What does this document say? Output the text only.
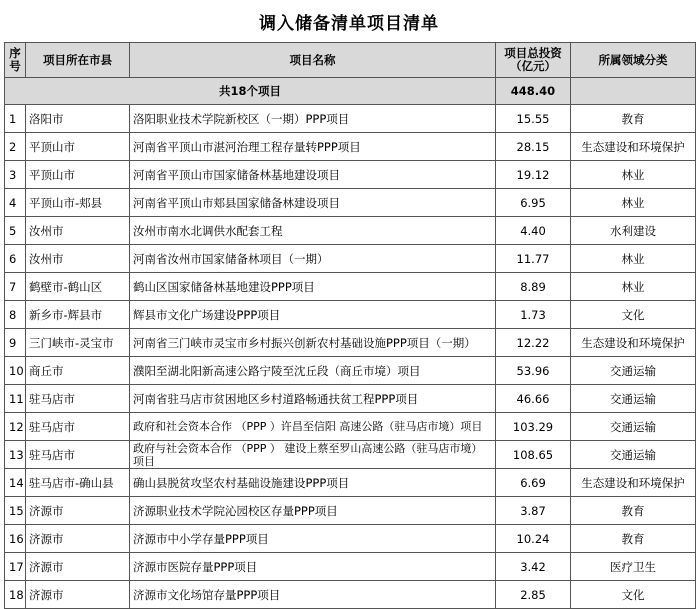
调入储备清单项目清单
序号	项目所在市县	项目名称	项目总投资（亿元）	所属领域分类
共18个项目			448.40	
1	洛阳市	洛阳职业技术学院新校区（一期）PPP项目	15.55	教育
2	平顶山市	河南省平顶山市湛河治理工程存量转PPP项目	28.15	生态建设和环境保护
3	平顶山市	河南省平顶山市国家储备林基地建设项目	19.12	林业
4	平顶山市-郏县	河南省平顶山市郏县国家储备林建设项目	6.95	林业
5	汝州市	汝州市南水北调供水配套工程	4.40	水利建设
6	汝州市	河南省汝州市国家储备林项目（一期）	11.77	林业
7	鹤壁市-鹤山区	鹤山区国家储备林基地建设PPP项目	8.89	林业
8	新乡市-辉县市	辉县市文化广场建设PPP项目	1.73	文化
9	三门峡市-灵宝市	河南省三门峡市灵宝市乡村振兴创新农村基础设施PPP项目（一期）	12.22	生态建设和环境保护
10	商丘市	濮阳至湖北阳新高速公路宁陵至沈丘段（商丘市境）项目	53.96	交通运输
11	驻马店市	河南省驻马店市贫困地区乡村道路畅通扶贫工程PPP项目	46.66	交通运输
12	驻马店市	政府和社会资本合作 （PPP ）许昌至信阳 高速公路（驻马店市境）项目	103.29	交通运输
13	驻马店市	政府与社会资本合作 （PPP ） 建设上蔡至罗山高速公路（驻马店市境）项目	108.65	交通运输
14	驻马店市-确山县	确山县脱贫攻坚农村基础设施建设PPP项目	6.69	生态建设和环境保护
15	济源市	济源职业技术学院沁园校区存量PPP项目	3.87	教育
16	济源市	济源市中小学存量PPP项目	10.24	教育
17	济源市	济源市医院存量PPP项目	3.42	医疗卫生
18	济源市	济源市文化场馆存量PPP项目	2.85	文化
